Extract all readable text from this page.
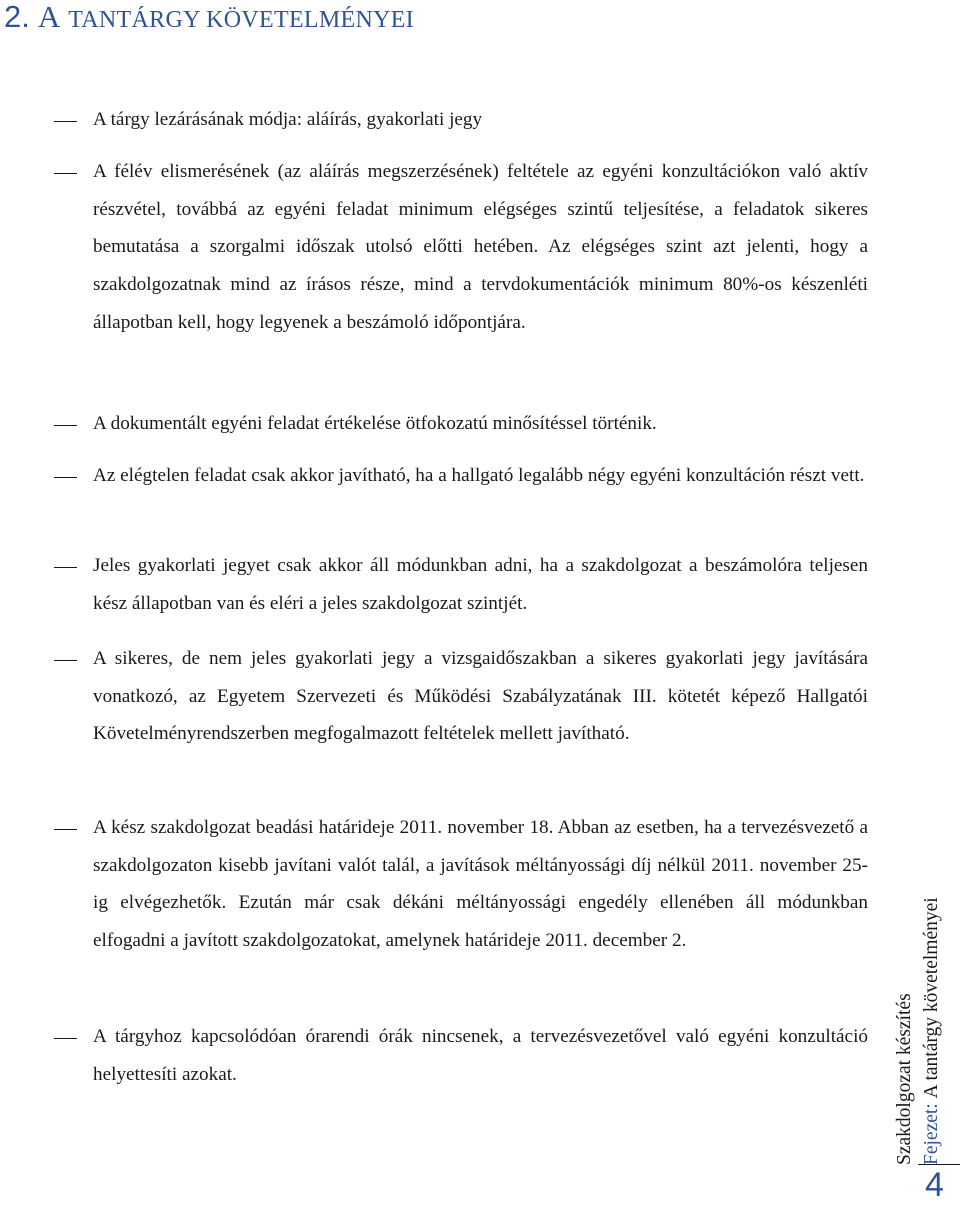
2. A TANTÁRGY KÖVETELMÉNYEI

A tárgy lezárásának módja: aláírás, gyakorlati jegy

A félév elismerésének (az aláírás megszerzésének) feltétele az egyéni konzultációkon való aktív részvétel, továbbá az egyéni feladat minimum elégséges szintű teljesítése, a feladatok sikeres bemutatása a szorgalmi időszak utolsó előtti hetében. Az elégséges szint azt jelenti, hogy a szakdolgozatnak mind az írásos része, mind a tervdokumentációk minimum 80%-os készenléti állapotban kell, hogy legyenek a beszámoló időpontjára.

A dokumentált egyéni feladat értékelése ötfokozatú minősítéssel történik.

Az elégtelen feladat csak akkor javítható, ha a hallgató legalább négy egyéni konzultáción részt vett.

Jeles gyakorlati jegyet csak akkor áll módunkban adni, ha a szakdolgozat a beszámolóra teljesen kész állapotban van és eléri a jeles szakdolgozat szintjét.

A sikeres, de nem jeles gyakorlati jegy a vizsgaidőszakban a sikeres gyakorlati jegy javítására vonatkozó, az Egyetem Szervezeti és Működési Szabályzatának III. kötetét képező Hallgatói Követelményrendszerben megfogalmazott feltételek mellett javítható.

A kész szakdolgozat beadási határideje 2011. november 18. Abban az esetben, ha a tervezésvezető a szakdolgozaton kisebb javítani valót talál, a javítások méltányossági díj nélkül 2011. november 25-ig elvégezhetők. Ezután már csak dékáni méltányossági engedély ellenében áll módunkban elfogadni a javított szakdolgozatokat, amelynek határideje 2011. december 2.

A tárgyhoz kapcsolódóan órarendi órák nincsenek, a tervezésvezetővel való egyéni konzultáció helyettesíti azokat.	Szakdolgozat készítés Fejezet: A tantárgy követelményei
4
